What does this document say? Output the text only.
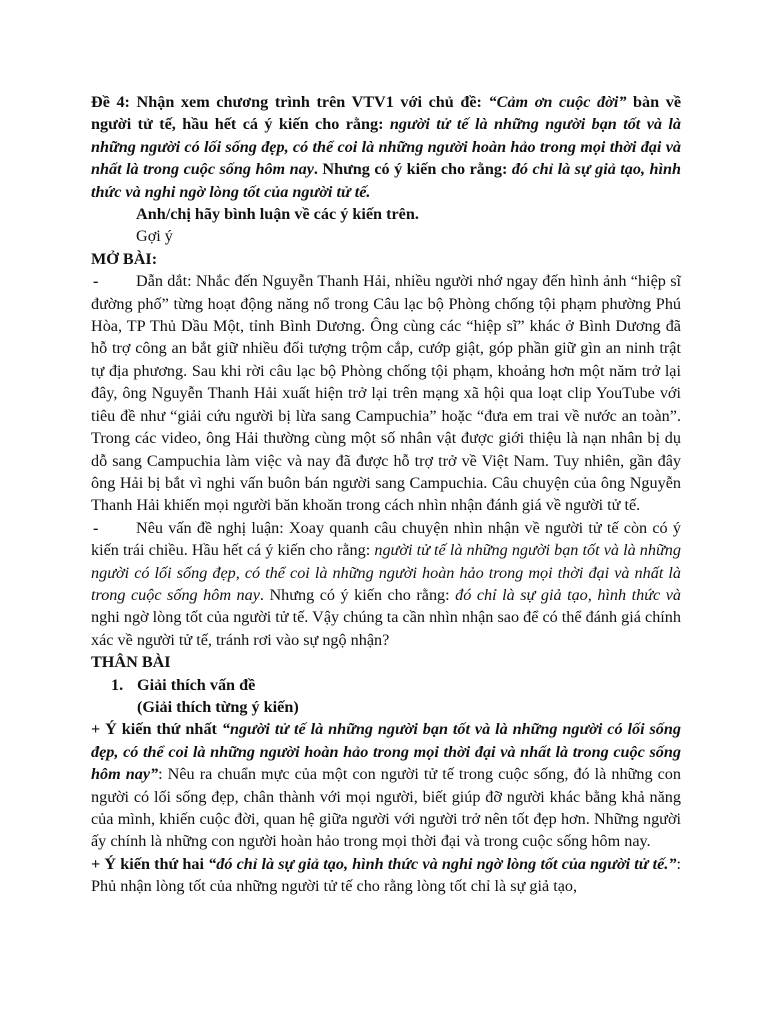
Đề 4: Nhận xem chương trình trên VTV1 với chủ đề: “Cảm ơn cuộc đời” bàn về người tử tế, hầu hết cá ý kiến cho rằng: người tử tế là những người bạn tốt và là những người có lối sống đẹp, có thể coi là những người hoàn hảo trong mọi thời đại và nhất là trong cuộc sống hôm nay. Nhưng có ý kiến cho rằng: đó chỉ là sự giả tạo, hình thức và nghi ngờ lòng tốt của người tử tế.

Anh/chị hãy bình luận về các ý kiến trên.

Gợi ý

MỞ BÀI:

- Dẫn dắt: Nhắc đến Nguyễn Thanh Hải, nhiều người nhớ ngay đến hình ảnh “hiệp sĩ đường phố” từng hoạt động năng nổ trong Câu lạc bộ Phòng chống tội phạm phường Phú Hòa, TP Thủ Dầu Một, tỉnh Bình Dương. Ông cùng các “hiệp sĩ” khác ở Bình Dương đã hỗ trợ công an bắt giữ nhiều đối tượng trộm cắp, cướp giật, góp phần giữ gìn an ninh trật tự địa phương. Sau khi rời câu lạc bộ Phòng chống tội phạm, khoảng hơn một năm trở lại đây, ông Nguyễn Thanh Hải xuất hiện trở lại trên mạng xã hội qua loạt clip YouTube với tiêu đề như “giải cứu người bị lừa sang Campuchia” hoặc “đưa em trai về nước an toàn”. Trong các video, ông Hải thường cùng một số nhân vật được giới thiệu là nạn nhân bị dụ dỗ sang Campuchia làm việc và nay đã được hỗ trợ trở về Việt Nam. Tuy nhiên, gần đây ông Hải bị bắt vì nghi vấn buôn bán người sang Campuchia. Câu chuyện của ông Nguyễn Thanh Hải khiến mọi người băn khoăn trong cách nhìn nhận đánh giá về người tử tế.

- Nêu vấn đề nghị luận: Xoay quanh câu chuyện nhìn nhận về người tử tế còn có ý kiến trái chiều. Hầu hết cá ý kiến cho rằng: người tử tế là những người bạn tốt và là những người có lối sống đẹp, có thể coi là những người hoàn hảo trong mọi thời đại và nhất là trong cuộc sống hôm nay. Nhưng có ý kiến cho rằng: đó chỉ là sự giả tạo, hình thức và nghi ngờ lòng tốt của người tử tế. Vậy chúng ta cần nhìn nhận sao để có thể đánh giá chính xác về người tử tế, tránh rơi vào sự ngộ nhận?

THÂN BÀI

1. Giải thích vấn đề

(Giải thích từng ý kiến)

+ Ý kiến thứ nhất “người tử tế là những người bạn tốt và là những người có lối sống đẹp, có thể coi là những người hoàn hảo trong mọi thời đại và nhất là trong cuộc sống hôm nay”: Nêu ra chuẩn mực của một con người tử tế trong cuộc sống, đó là những con người có lối sống đẹp, chân thành với mọi người, biết giúp đỡ người khác bằng khả năng của mình, khiến cuộc đời, quan hệ giữa người với người trở nên tốt đẹp hơn. Những người ấy chính là những con người hoàn hảo trong mọi thời đại và trong cuộc sống hôm nay.

+ Ý kiến thứ hai “đó chỉ là sự giả tạo, hình thức và nghi ngờ lòng tốt của người tử tế.”: Phủ nhận lòng tốt của những người tử tế cho rằng lòng tốt chỉ là sự giả tạo,
